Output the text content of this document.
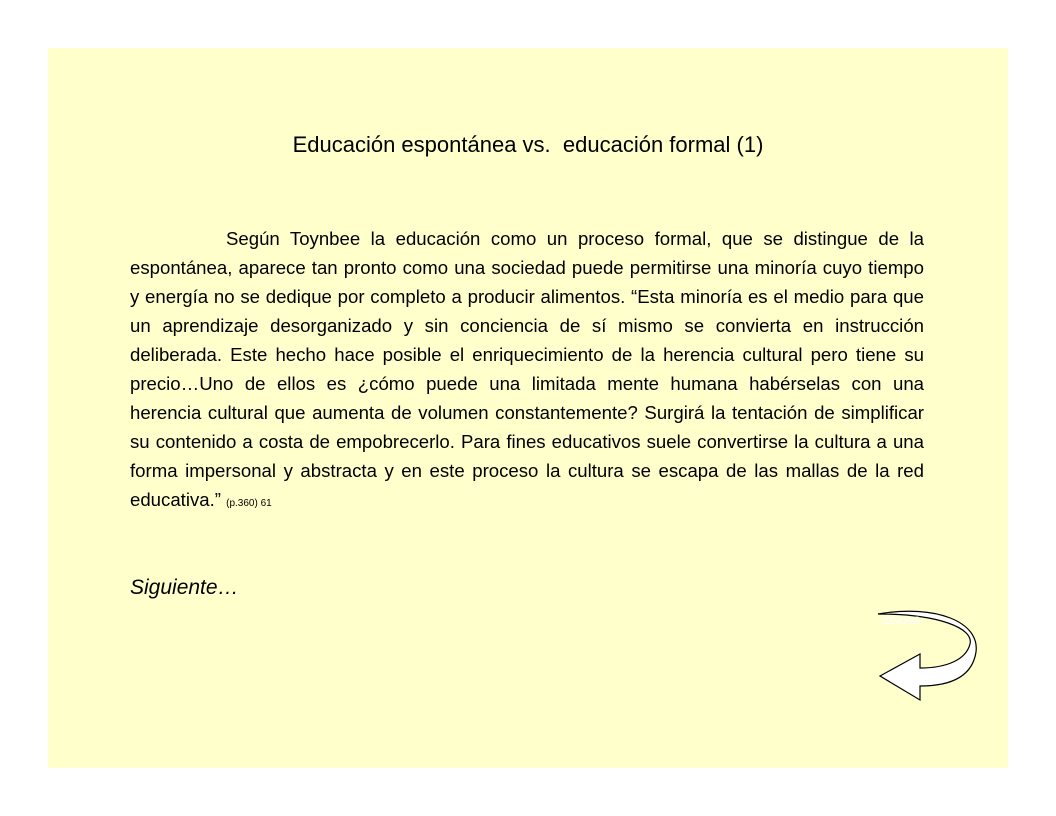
Educación espontánea vs.  educación formal (1)

Según Toynbee la educación como un proceso formal, que se distingue de la espontánea, aparece tan pronto como una sociedad puede permitirse una minoría cuyo tiempo y energía no se dedique por completo a producir alimentos. “Esta minoría es el medio para que un aprendizaje desorganizado y sin conciencia de sí mismo se convierta en instrucción deliberada. Este hecho hace posible el enriquecimiento de la herencia cultural pero tiene su precio…Uno de ellos es ¿cómo puede una limitada mente humana habérselas con una herencia cultural que aumenta de volumen constantemente? Surgirá la tentación de simplificar su contenido a costa de empobrecerlo. Para fines educativos suele convertirse la cultura a una forma impersonal y abstracta y en este proceso la cultura se escapa de las mallas de la red educativa.” (p.360) 61

Siguiente…
Regreso
